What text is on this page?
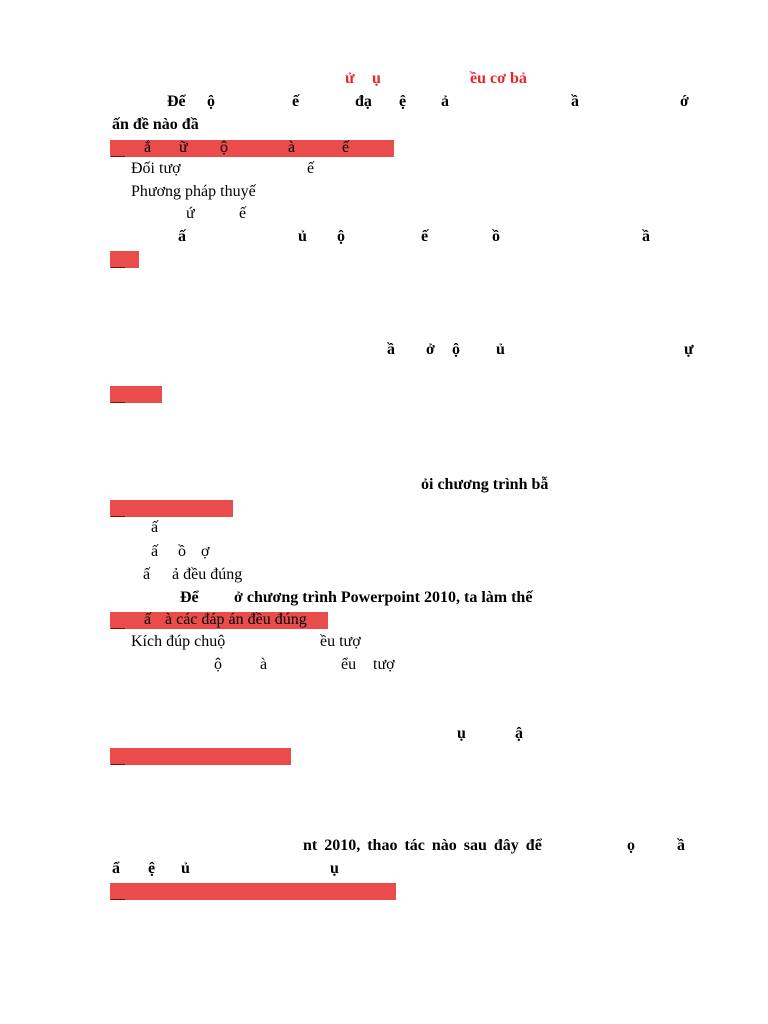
ử ụ	ều cơ bả
Để ộ	ế	đạ ệ ả	ầ	ớ
ấn đề nào đầ
ắ ữ ộ	à	ế
Đối tượ	ế
Phương pháp thuyế
ứ	ế
ấ	ủ ộ	ế	ồ	ầ
ầ ở ộ ủ	ự
ỏi chương trình bẫ
ấ
ấ ồ ợ
ấ ả đều đúng
Để ở chương trình Powerpoint 2010, ta làm thế
ấ à các đáp án đều đúng
Kích đúp chuộ	ều tượ
ộ à	ểu tượ
ụ	ậ
nt 2010, thao tác nào sau đây để	ọ	ầ
ẩ ệ ủ	ụ
